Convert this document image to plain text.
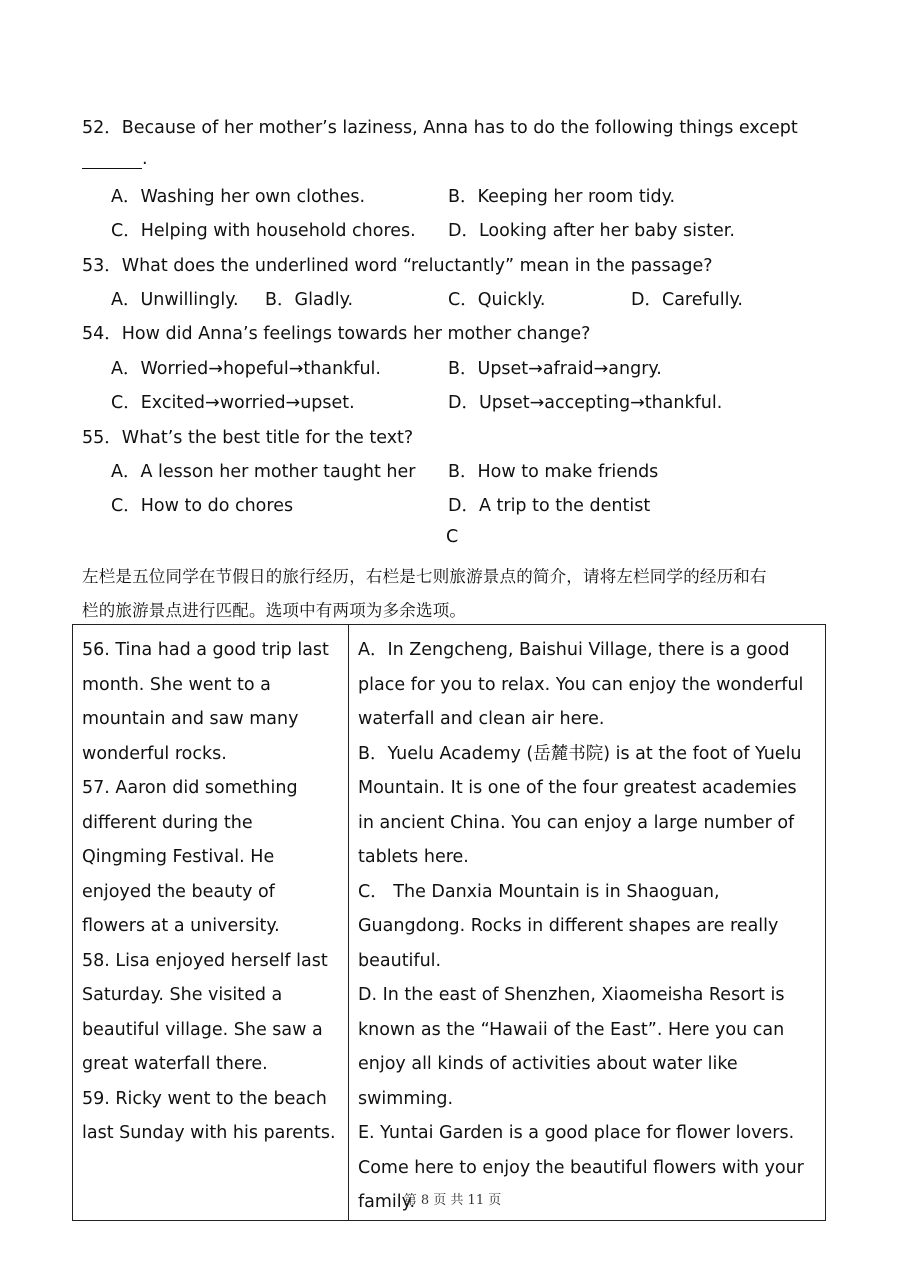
52．Because of her mother’s laziness, Anna has to do the following things except
.
A．Washing her own clothes.	B．Keeping her room tidy.
C．Helping with household chores. D．Looking after her baby sister.
53．What does the underlined word “reluctantly” mean in the passage?
A．Unwillingly. B．Gladly.	C．Quickly.	D．Carefully.
54．How did Anna’s feelings towards her mother change?
A．Worried→hopeful→thankful.	B．Upset→afraid→angry.
C．Excited→worried→upset.	D．Upset→accepting→thankful.
55．What’s the best title for the text?
A．A lesson her mother taught her B．How to make friends
C．How to do chores	D．A trip to the dentist
C
左栏是五位同学在节假日的旅行经历，右栏是七则旅游景点的简介，请将左栏同学的经历和右
栏的旅游景点进行匹配。选项中有两项为多余选项。

56. Tina had a good trip last month. She went to a mountain and saw many wonderful rocks.

57. Aaron did something different during the Qingming Festival. He enjoyed the beauty of flowers at a university.

58. Lisa enjoyed herself last Saturday. She visited a beautiful village. She saw a great waterfall there.

59. Ricky went to the beach last Sunday with his parents.

A．In Zengcheng, Baishui Village, there is a good place for you to relax. You can enjoy the wonderful waterfall and clean air here.

B．Yuelu Academy (岳麓书院) is at the foot of Yuelu Mountain. It is one of the four greatest academies in ancient China. You can enjoy a large number of tablets here.

C． The Danxia Mountain is in Shaoguan, Guangdong. Rocks in different shapes are really beautiful.

D. In the east of Shenzhen, Xiaomeisha Resort is known as the “Hawaii of the East”. Here you can enjoy all kinds of activities about water like swimming.

E. Yuntai Garden is a good place for flower lovers. Come here to enjoy the beautiful flowers with your family.

第 8 页 共 11 页
